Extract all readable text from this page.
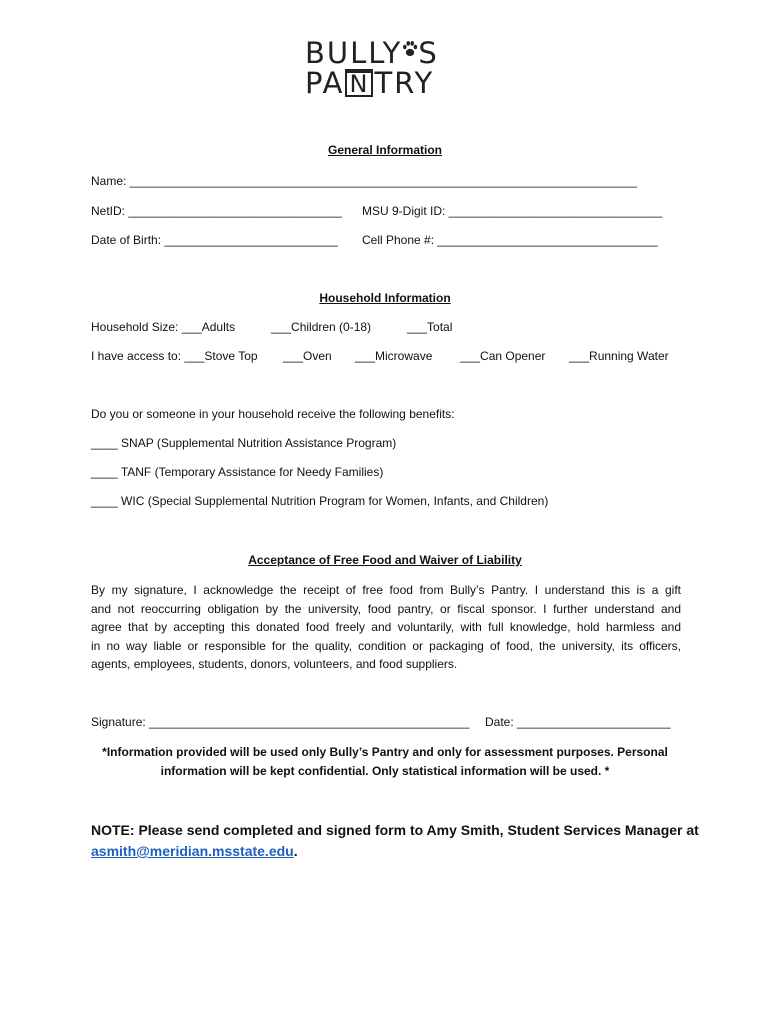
BULLY S
PA N TRY
General Information
Name: ____________________________________________________________________________
NetID: ________________________________ MSU 9-Digit ID: ________________________________
Date of Birth: __________________________ Cell Phone #: _________________________________
Household Information
Household Size: ___Adults	___Children (0-18)	___Total
I have access to: ___Stove Top ___Oven ___Microwave ___Can Opener ___Running Water
Do you or someone in your household receive the following benefits:
____ SNAP (Supplemental Nutrition Assistance Program)
____ TANF (Temporary Assistance for Needy Families)
____ WIC (Special Supplemental Nutrition Program for Women, Infants, and Children)
Acceptance of Free Food and Waiver of Liability
By my signature, I acknowledge the receipt of free food from Bully’s Pantry. I understand this is a gift
and not reoccurring obligation by the university, food pantry, or fiscal sponsor. I further understand and
agree that by accepting this donated food freely and voluntarily, with full knowledge, hold harmless and
in no way liable or responsible for the quality, condition or packaging of food, the university, its officers,
agents, employees, students, donors, volunteers, and food suppliers.
Signature: ________________________________________________ Date: _______________________
*Information provided will be used only Bully’s Pantry and only for assessment purposes. Personal
information will be kept confidential. Only statistical information will be used. *
NOTE: Please send completed and signed form to Amy Smith, Student Services Manager at
asmith@meridian.msstate.edu.
